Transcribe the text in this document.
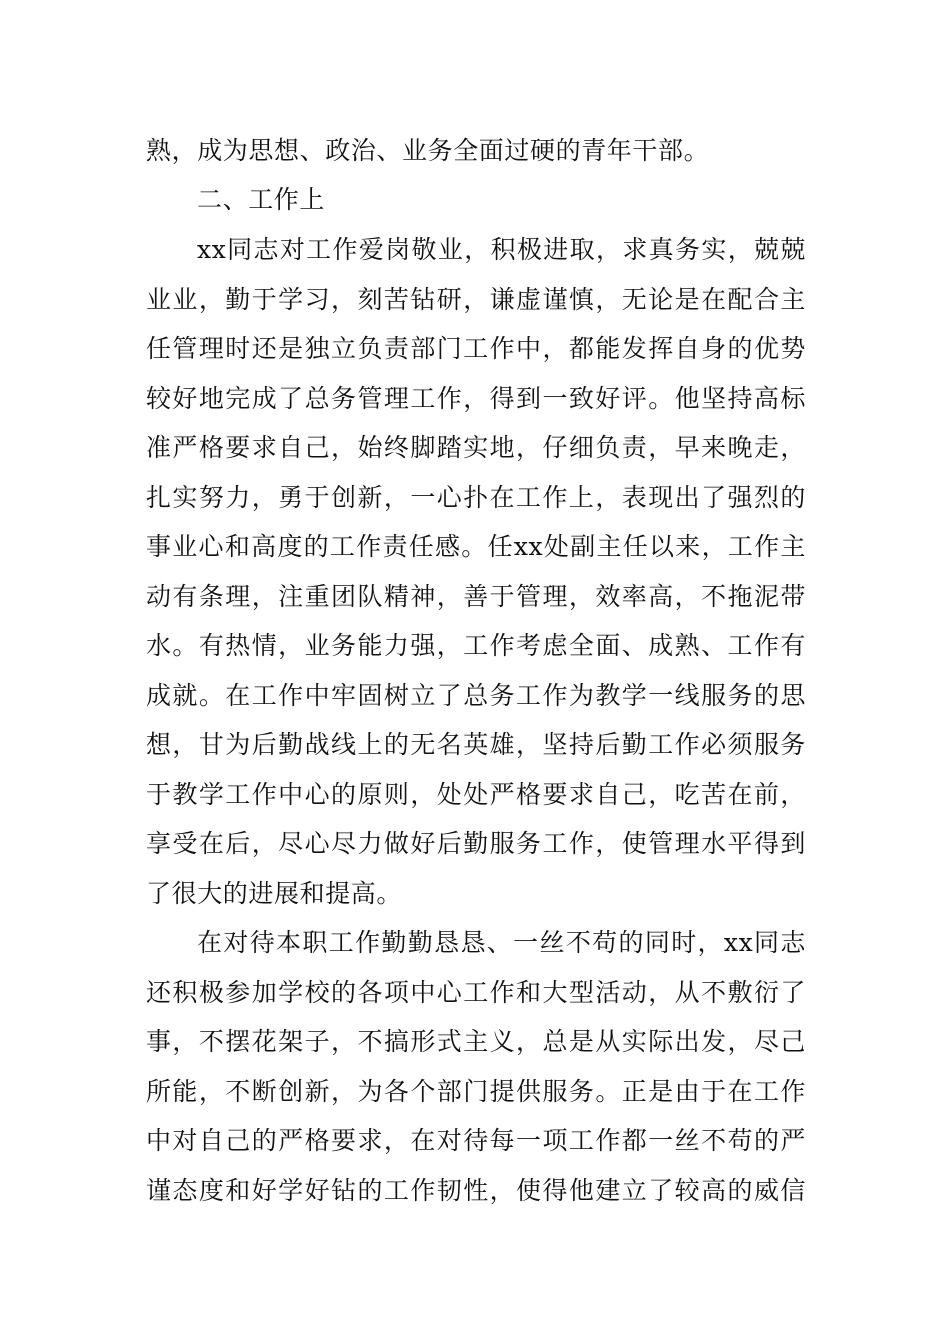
熟，成为思想、政治、业务全面过硬的青年干部。
二、工作上
xx同志对工作爱岗敬业，积极进取，求真务实，兢兢
业业，勤于学习，刻苦钻研，谦虚谨慎，无论是在配合主
任管理时还是独立负责部门工作中，都能发挥自身的优势
较好地完成了总务管理工作，得到一致好评。他坚持高标
准严格要求自己，始终脚踏实地，仔细负责，早来晚走，
扎实努力，勇于创新，一心扑在工作上，表现出了强烈的
事业心和高度的工作责任感。任xx处副主任以来，工作主
动有条理，注重团队精神，善于管理，效率高，不拖泥带
水。有热情，业务能力强，工作考虑全面、成熟、工作有
成就。在工作中牢固树立了总务工作为教学一线服务的思
想，甘为后勤战线上的无名英雄，坚持后勤工作必须服务
于教学工作中心的原则，处处严格要求自己，吃苦在前，
享受在后，尽心尽力做好后勤服务工作，使管理水平得到
了很大的进展和提高。
在对待本职工作勤勤恳恳、一丝不苟的同时，xx同志
还积极参加学校的各项中心工作和大型活动，从不敷衍了
事，不摆花架子，不搞形式主义，总是从实际出发，尽己
所能，不断创新，为各个部门提供服务。正是由于在工作
中对自己的严格要求，在对待每一项工作都一丝不苟的严
谨态度和好学好钻的工作韧性，使得他建立了较高的威信
